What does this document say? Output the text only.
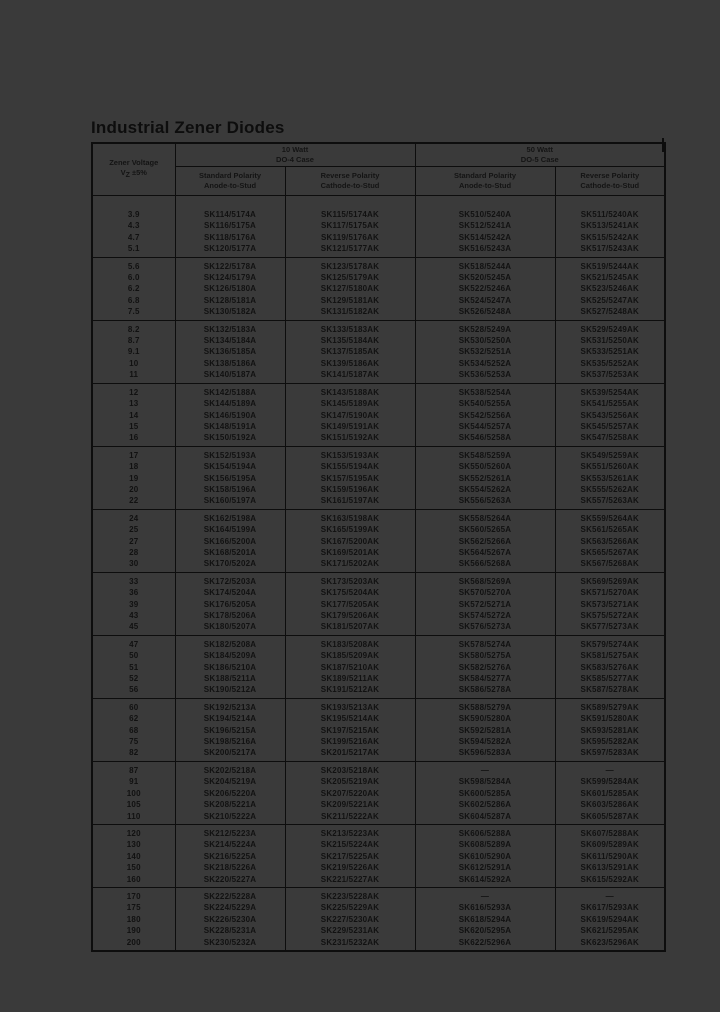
Industrial Zener Diodes
Zener Voltage
VZ ±5%

10 Watt
DO-4 Case

50 Watt
DO-5 Case

Standard Polarity
Anode-to-Stud

Reverse Polarity
Cathode-to-Stud

Standard Polarity
Anode-to-Stud

Reverse Polarity
Cathode-to-Stud

3.9	SK114/5174A	SK115/5174AK	SK510/5240A	SK511/5240AK
4.3	SK116/5175A	SK117/5175AK	SK512/5241A	SK513/5241AK
4.7	SK118/5176A	SK119/5176AK	SK514/5242A	SK515/5242AK
5.1	SK120/5177A	SK121/5177AK	SK516/5243A	SK517/5243AK
5.6	SK122/5178A	SK123/5178AK	SK518/5244A	SK519/5244AK
6.0	SK124/5179A	SK125/5179AK	SK520/5245A	SK521/5245AK
6.2	SK126/5180A	SK127/5180AK	SK522/5246A	SK523/5246AK
6.8	SK128/5181A	SK129/5181AK	SK524/5247A	SK525/5247AK
7.5	SK130/5182A	SK131/5182AK	SK526/5248A	SK527/5248AK
8.2	SK132/5183A	SK133/5183AK	SK528/5249A	SK529/5249AK
8.7	SK134/5184A	SK135/5184AK	SK530/5250A	SK531/5250AK
9.1	SK136/5185A	SK137/5185AK	SK532/5251A	SK533/5251AK
10	SK138/5186A	SK139/5186AK	SK534/5252A	SK535/5252AK
11	SK140/5187A	SK141/5187AK	SK536/5253A	SK537/5253AK
12	SK142/5188A	SK143/5188AK	SK538/5254A	SK539/5254AK
13	SK144/5189A	SK145/5189AK	SK540/5255A	SK541/5255AK
14	SK146/5190A	SK147/5190AK	SK542/5256A	SK543/5256AK
15	SK148/5191A	SK149/5191AK	SK544/5257A	SK545/5257AK
16	SK150/5192A	SK151/5192AK	SK546/5258A	SK547/5258AK
17	SK152/5193A	SK153/5193AK	SK548/5259A	SK549/5259AK
18	SK154/5194A	SK155/5194AK	SK550/5260A	SK551/5260AK
19	SK156/5195A	SK157/5195AK	SK552/5261A	SK553/5261AK
20	SK158/5196A	SK159/5196AK	SK554/5262A	SK555/5262AK
22	SK160/5197A	SK161/5197AK	SK556/5263A	SK557/5263AK
24	SK162/5198A	SK163/5198AK	SK558/5264A	SK559/5264AK
25	SK164/5199A	SK165/5199AK	SK560/5265A	SK561/5265AK
27	SK166/5200A	SK167/5200AK	SK562/5266A	SK563/5266AK
28	SK168/5201A	SK169/5201AK	SK564/5267A	SK565/5267AK
30	SK170/5202A	SK171/5202AK	SK566/5268A	SK567/5268AK
33	SK172/5203A	SK173/5203AK	SK568/5269A	SK569/5269AK
36	SK174/5204A	SK175/5204AK	SK570/5270A	SK571/5270AK
39	SK176/5205A	SK177/5205AK	SK572/5271A	SK573/5271AK
43	SK178/5206A	SK179/5206AK	SK574/5272A	SK575/5272AK
45	SK180/5207A	SK181/5207AK	SK576/5273A	SK577/5273AK
47	SK182/5208A	SK183/5208AK	SK578/5274A	SK579/5274AK
50	SK184/5209A	SK185/5209AK	SK580/5275A	SK581/5275AK
51	SK186/5210A	SK187/5210AK	SK582/5276A	SK583/5276AK
52	SK188/5211A	SK189/5211AK	SK584/5277A	SK585/5277AK
56	SK190/5212A	SK191/5212AK	SK586/5278A	SK587/5278AK
60	SK192/5213A	SK193/5213AK	SK588/5279A	SK589/5279AK
62	SK194/5214A	SK195/5214AK	SK590/5280A	SK591/5280AK
68	SK196/5215A	SK197/5215AK	SK592/5281A	SK593/5281AK
75	SK198/5216A	SK199/5216AK	SK594/5282A	SK595/5282AK
82	SK200/5217A	SK201/5217AK	SK596/5283A	SK597/5283AK
87	SK202/5218A	SK203/5218AK	—	—
91	SK204/5219A	SK205/5219AK	SK598/5284A	SK599/5284AK
100	SK206/5220A	SK207/5220AK	SK600/5285A	SK601/5285AK
105	SK208/5221A	SK209/5221AK	SK602/5286A	SK603/5286AK
110	SK210/5222A	SK211/5222AK	SK604/5287A	SK605/5287AK
120	SK212/5223A	SK213/5223AK	SK606/5288A	SK607/5288AK
130	SK214/5224A	SK215/5224AK	SK608/5289A	SK609/5289AK
140	SK216/5225A	SK217/5225AK	SK610/5290A	SK611/5290AK
150	SK218/5226A	SK219/5226AK	SK612/5291A	SK613/5291AK
160	SK220/5227A	SK221/5227AK	SK614/5292A	SK615/5292AK
170	SK222/5228A	SK223/5228AK	—	—
175	SK224/5229A	SK225/5229AK	SK616/5293A	SK617/5293AK
180	SK226/5230A	SK227/5230AK	SK618/5294A	SK619/5294AK
190	SK228/5231A	SK229/5231AK	SK620/5295A	SK621/5295AK
200	SK230/5232A	SK231/5232AK	SK622/5296A	SK623/5296AK
